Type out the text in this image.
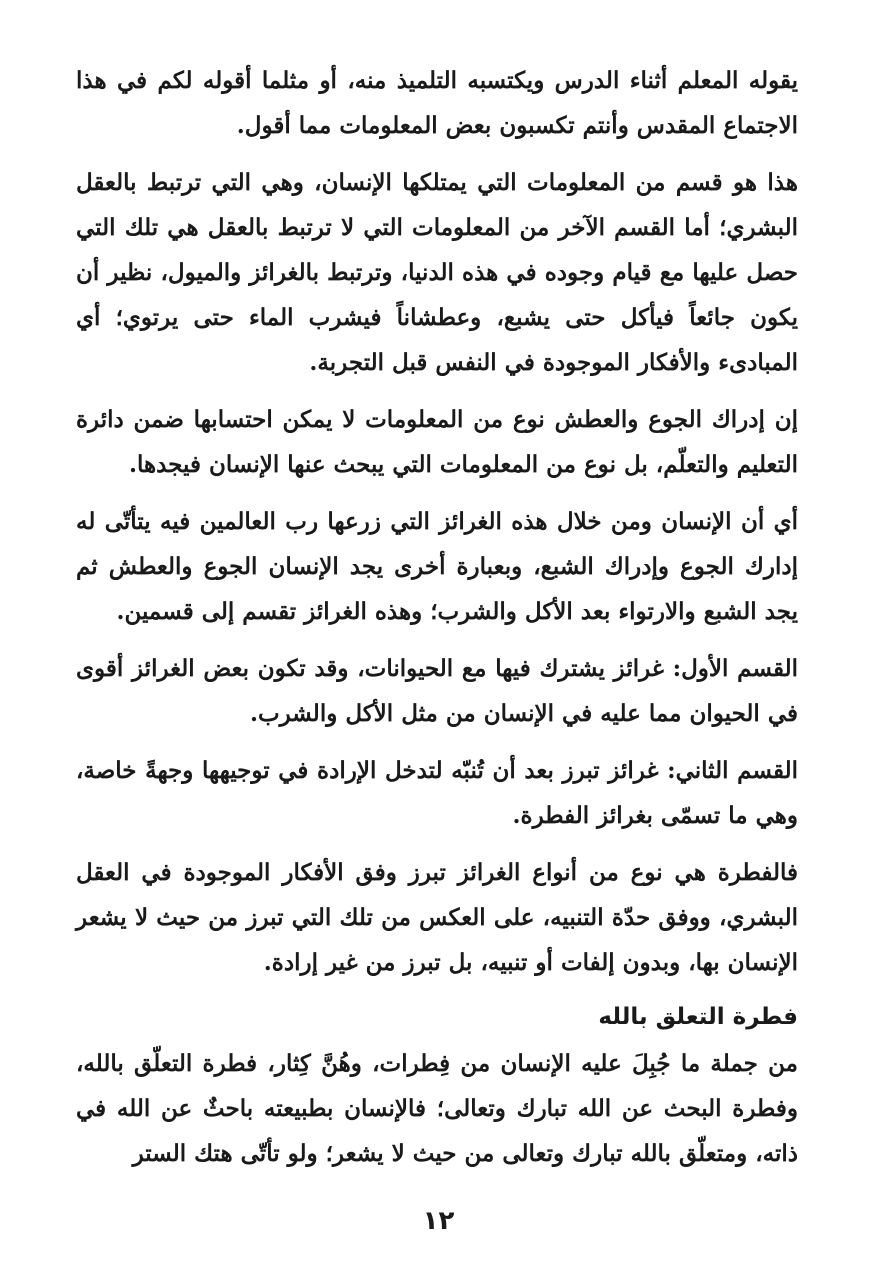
يقوله المعلم أثناء الدرس ويكتسبه التلميذ منه، أو مثلما أقوله لكم في هذا الاجتماع المقدس وأنتم تكسبون بعض المعلومات مما أقول.

هذا هو قسم من المعلومات التي يمتلكها الإنسان، وهي التي ترتبط بالعقل البشري؛ أما القسم الآخر من المعلومات التي لا ترتبط بالعقل هي تلك التي حصل عليها مع قيام وجوده في هذه الدنيا، وترتبط بالغرائز والميول، نظير أن يكون جائعاً فيأكل حتى يشبع، وعطشاناً فيشرب الماء حتى يرتوي؛ أي المبادىء والأفكار الموجودة في النفس قبل التجربة.

إن إدراك الجوع والعطش نوع من المعلومات لا يمكن احتسابها ضمن دائرة التعليم والتعلّم، بل نوع من المعلومات التي يبحث عنها الإنسان فيجدها.

أي أن الإنسان ومن خلال هذه الغرائز التي زرعها رب العالمين فيه يتأتّى له إدارك الجوع وإدراك الشبع، وبعبارة أخرى يجد الإنسان الجوع والعطش ثم يجد الشبع والارتواء بعد الأكل والشرب؛ وهذه الغرائز تقسم إلى قسمين.

القسم الأول: غرائز يشترك فيها مع الحيوانات، وقد تكون بعض الغرائز أقوى في الحيوان مما عليه في الإنسان من مثل الأكل والشرب.

القسم الثاني: غرائز تبرز بعد أن تُنبّه لتدخل الإرادة في توجيهها وجهةً خاصة، وهي ما تسمّى بغرائز الفطرة.

فالفطرة هي نوع من أنواع الغرائز تبرز وفق الأفكار الموجودة في العقل البشري، ووفق حدّة التنبيه، على العكس من تلك التي تبرز من حيث لا يشعر الإنسان بها، وبدون إلفات أو تنبيه، بل تبرز من غير إرادة.

فطرة التعلق بالله

من جملة ما جُبِلَ عليه الإنسان من فِطرات، وهُنَّ كِثار، فطرة التعلّق بالله، وفطرة البحث عن الله تبارك وتعالى؛ فالإنسان بطبيعته باحثٌ عن الله في ذاته، ومتعلّق بالله تبارك وتعالى من حيث لا يشعر؛ ولو تأتّى هتك الستر

١٢
